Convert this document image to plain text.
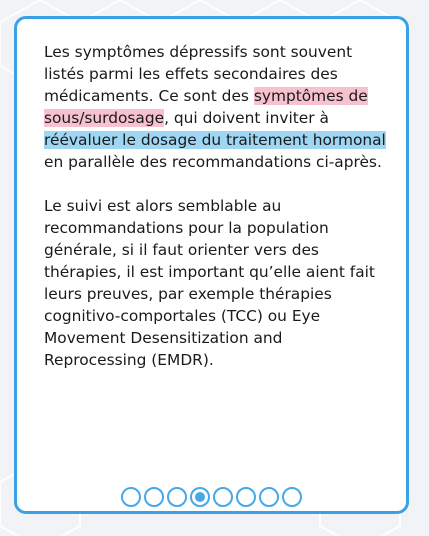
Les symptômes dépressifs sont souvent listés parmi les effets secondaires des médicaments. Ce sont des symptômes de sous/surdosage, qui doivent inviter à réévaluer le dosage du traitement hormonal en parallèle des recommandations ci-après.

Le suivi est alors semblable au recommandations pour la population générale, si il faut orienter vers des thérapies, il est important qu’elle aient fait leurs preuves, par exemple thérapies cognitivo-comportales (TCC) ou Eye Movement Desensitization and Reprocessing (EMDR).
